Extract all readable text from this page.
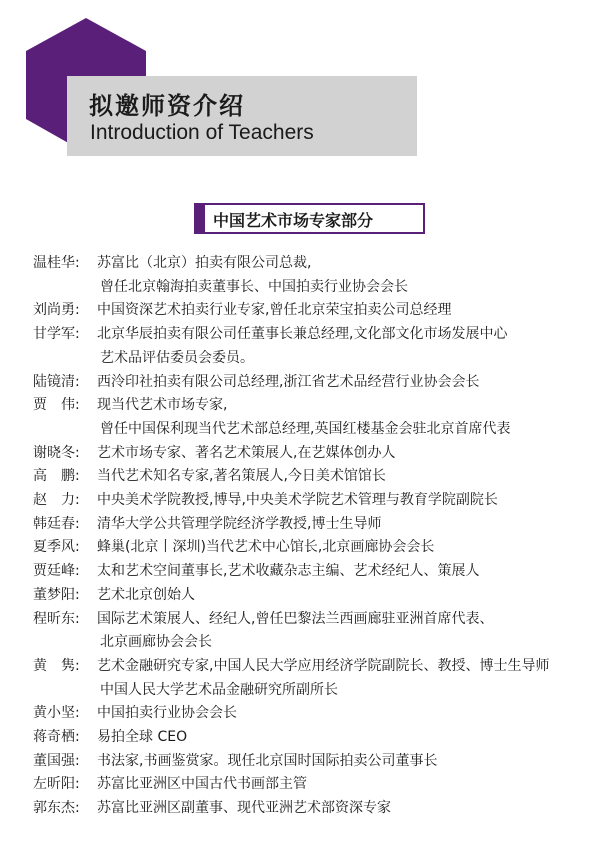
拟邀师资介绍
Introduction of Teachers
中国艺术市场专家部分
温桂华:	苏富比（北京）拍卖有限公司总裁,
曾任北京翰海拍卖董事长、中国拍卖行业协会会长
刘尚勇:	中国资深艺术拍卖行业专家,曾任北京荣宝拍卖公司总经理
甘学军:	北京华辰拍卖有限公司任董事长兼总经理,文化部文化市场发展中心
艺术品评估委员会委员。
陆镜清:	西泠印社拍卖有限公司总经理,浙江省艺术品经营行业协会会长
贾　伟:	现当代艺术市场专家,
曾任中国保利现当代艺术部总经理,英国红楼基金会驻北京首席代表
谢晓冬:	艺术市场专家、著名艺术策展人,在艺媒体创办人
高　鹏:	当代艺术知名专家,著名策展人,今日美术馆馆长
赵　力:	中央美术学院教授,博导,中央美术学院艺术管理与教育学院副院长
韩廷春:	清华大学公共管理学院经济学教授,博士生导师
夏季风:	蜂巢(北京丨深圳)当代艺术中心馆长,北京画廊协会会长
贾廷峰:	太和艺术空间董事长,艺术收藏杂志主编、艺术经纪人、策展人
董梦阳:	艺术北京创始人
程昕东:	国际艺术策展人、经纪人,曾任巴黎法兰西画廊驻亚洲首席代表、
北京画廊协会会长
黄　隽:	艺术金融研究专家,中国人民大学应用经济学院副院长、教授、博士生导师
中国人民大学艺术品金融研究所副所长
黄小坚:	中国拍卖行业协会会长
蒋奇栖:	易拍全球 CEO
董国强:	书法家,书画鉴赏家。现任北京国时国际拍卖公司董事长
左昕阳:	苏富比亚洲区中国古代书画部主管
郭东杰:	苏富比亚洲区副董事、现代亚洲艺术部资深专家
